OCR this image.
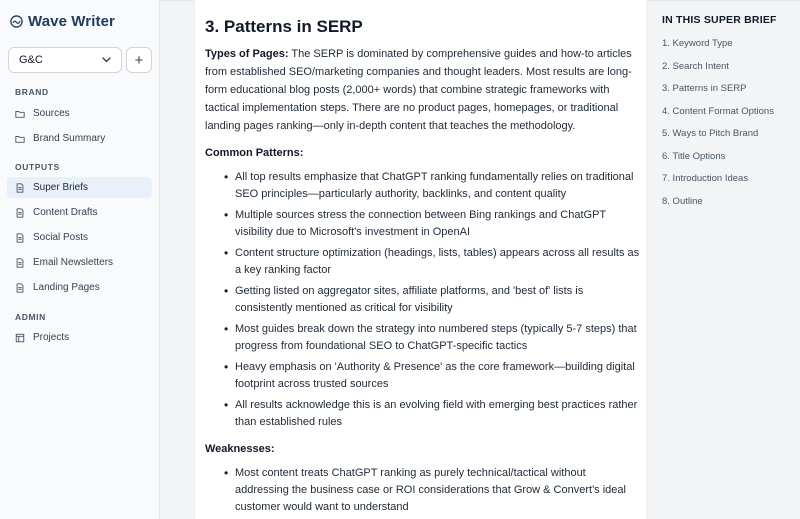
Wave Writer
G&C	+
BRAND
Sources
Brand Summary
OUTPUTS
Super Briefs
Content Drafts
Social Posts
Email Newsletters
Landing Pages
ADMIN
Projects
3. Patterns in SERP

Types of Pages: The SERP is dominated by comprehensive guides and how-to articles from established SEO/marketing companies and thought leaders. Most results are long-form educational blog posts (2,000+ words) that combine strategic frameworks with tactical implementation steps. There are no product pages, homepages, or traditional landing pages ranking—only in-depth content that teaches the methodology.

Common Patterns:
• All top results emphasize that ChatGPT ranking fundamentally relies on traditional SEO principles—particularly authority, backlinks, and content quality
• Multiple sources stress the connection between Bing rankings and ChatGPT visibility due to Microsoft's investment in OpenAI
• Content structure optimization (headings, lists, tables) appears across all results as a key ranking factor
• Getting listed on aggregator sites, affiliate platforms, and 'best of' lists is consistently mentioned as critical for visibility
• Most guides break down the strategy into numbered steps (typically 5-7 steps) that progress from foundational SEO to ChatGPT-specific tactics
• Heavy emphasis on 'Authority & Presence' as the core framework—building digital footprint across trusted sources
• All results acknowledge this is an evolving field with emerging best practices rather than established rules
Weaknesses:
• Most content treats ChatGPT ranking as purely technical/tactical without addressing the business case or ROI considerations that Grow & Convert's ideal customer would want to understand
IN THIS SUPER BRIEF
1. Keyword Type
2. Search Intent
3. Patterns in SERP
4. Content Format Options
5. Ways to Pitch Brand
6. Title Options
7. Introduction Ideas
8. Outline
